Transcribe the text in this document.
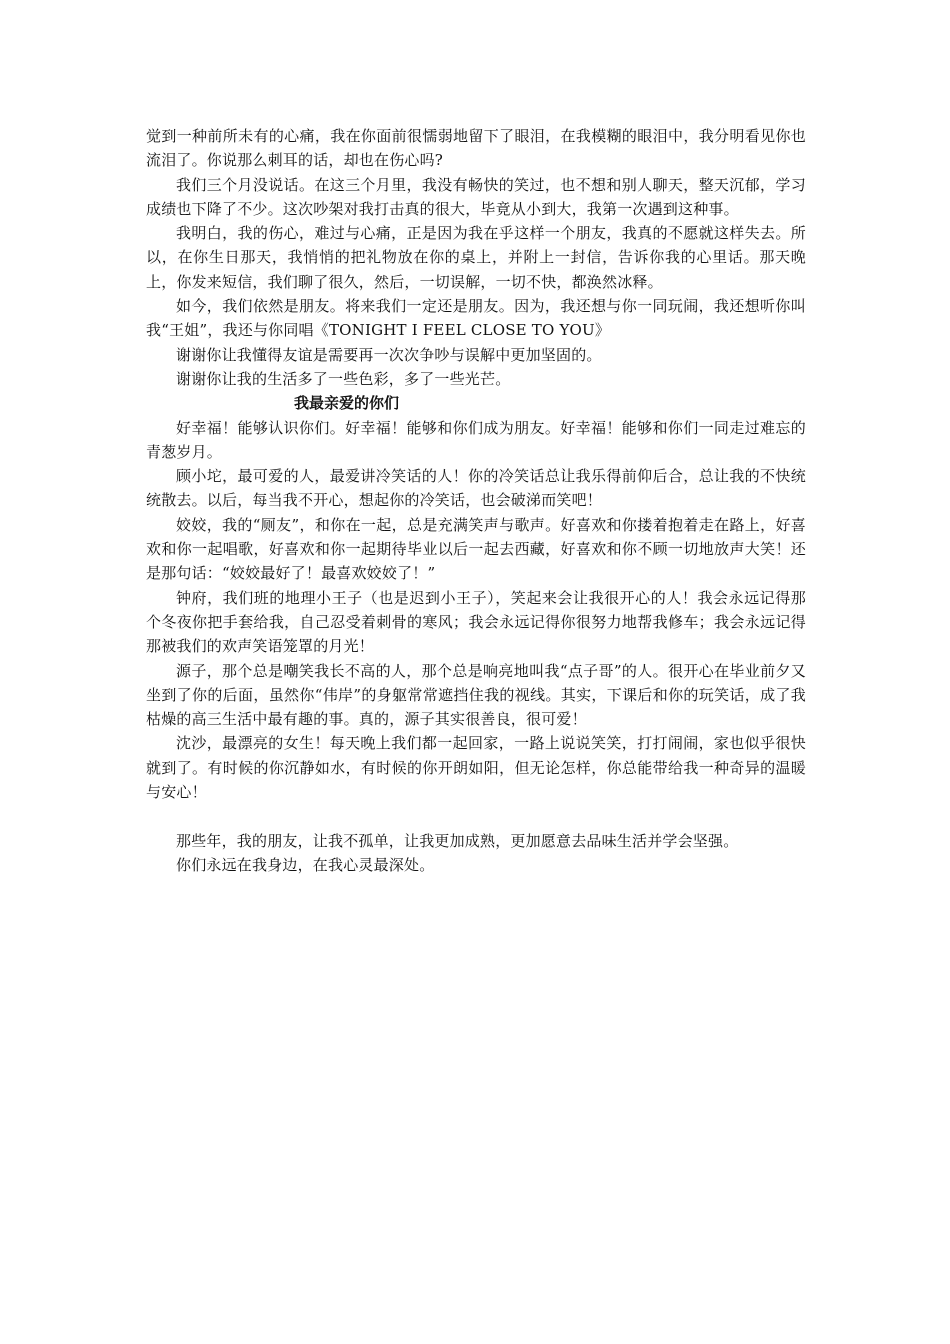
觉到一种前所未有的心痛，我在你面前很懦弱地留下了眼泪，在我模糊的眼泪中，我分明看见你也流泪了。你说那么刺耳的话，却也在伤心吗?

我们三个月没说话。在这三个月里，我没有畅快的笑过，也不想和别人聊天，整天沉郁，学习成绩也下降了不少。这次吵架对我打击真的很大，毕竟从小到大，我第一次遇到这种事。

我明白，我的伤心，难过与心痛，正是因为我在乎这样一个朋友，我真的不愿就这样失去。所以，在你生日那天，我悄悄的把礼物放在你的桌上，并附上一封信，告诉你我的心里话。那天晚上，你发来短信，我们聊了很久，然后，一切误解，一切不快，都涣然冰释。

如今，我们依然是朋友。将来我们一定还是朋友。因为，我还想与你一同玩闹，我还想听你叫我“王姐”，我还与你同唱《TONIGHT I FEEL CLOSE TO YOU》

谢谢你让我懂得友谊是需要再一次次争吵与误解中更加坚固的。

谢谢你让我的生活多了一些色彩，多了一些光芒。

我最亲爱的你们

好幸福！能够认识你们。好幸福！能够和你们成为朋友。好幸福！能够和你们一同走过难忘的青葱岁月。

顾小坨，最可爱的人，最爱讲冷笑话的人！你的冷笑话总让我乐得前仰后合，总让我的不快统统散去。以后，每当我不开心，想起你的冷笑话，也会破涕而笑吧！

姣姣，我的“厕友”，和你在一起，总是充满笑声与歌声。好喜欢和你搂着抱着走在路上，好喜欢和你一起唱歌，好喜欢和你一起期待毕业以后一起去西藏，好喜欢和你不顾一切地放声大笑！还是那句话：“姣姣最好了！最喜欢姣姣了！”

钟府，我们班的地理小王子（也是迟到小王子），笑起来会让我很开心的人！我会永远记得那个冬夜你把手套给我，自己忍受着刺骨的寒风；我会永远记得你很努力地帮我修车；我会永远记得那被我们的欢声笑语笼罩的月光！

源子，那个总是嘲笑我长不高的人，那个总是响亮地叫我“点子哥”的人。很开心在毕业前夕又坐到了你的后面，虽然你“伟岸”的身躯常常遮挡住我的视线。其实，下课后和你的玩笑话，成了我枯燥的高三生活中最有趣的事。真的，源子其实很善良，很可爱！

沈沙，最漂亮的女生！每天晚上我们都一起回家，一路上说说笑笑，打打闹闹，家也似乎很快就到了。有时候的你沉静如水，有时候的你开朗如阳，但无论怎样，你总能带给我一种奇异的温暖与安心！

那些年，我的朋友，让我不孤单，让我更加成熟，更加愿意去品味生活并学会坚强。

你们永远在我身边，在我心灵最深处。
